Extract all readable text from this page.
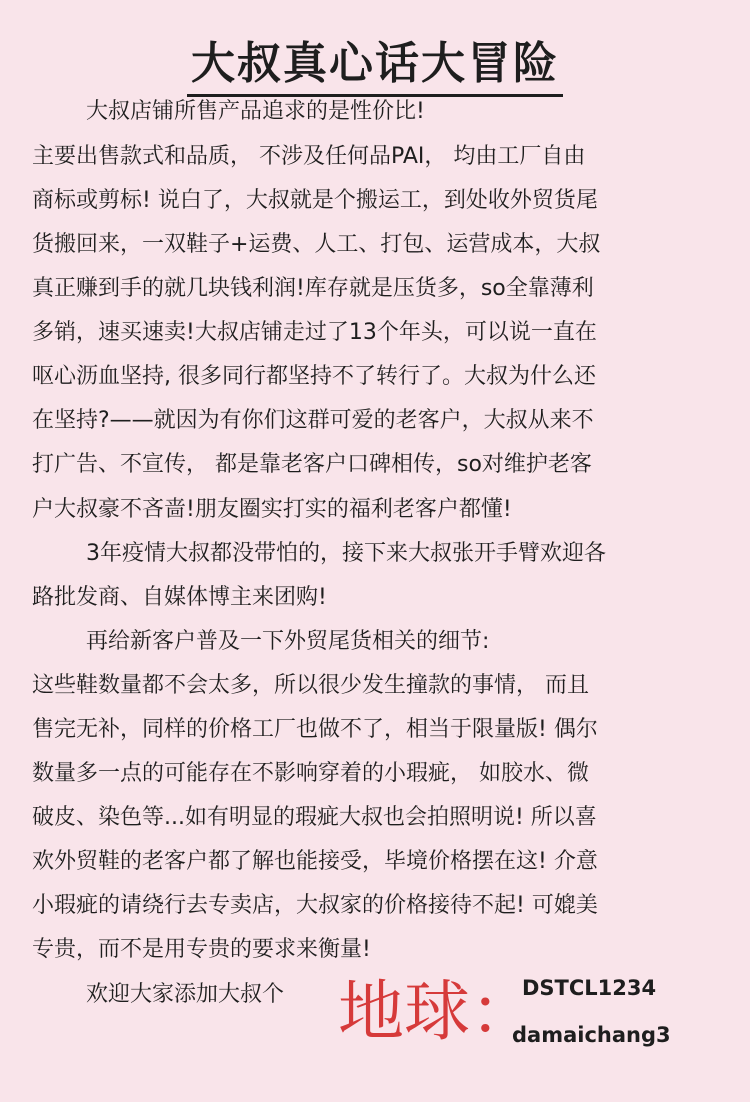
大叔真心话大冒险
大叔店铺所售产品追求的是性价比!
主要出售款式和品质， 不涉及任何品PAI， 均由工厂自由
商标或剪标! 说白了，大叔就是个搬运工，到处收外贸货尾
货搬回来，一双鞋子+运费、人工、打包、运营成本，大叔
真正赚到手的就几块钱利润!库存就是压货多，so全靠薄利
多销，速买速卖!大叔店铺走过了13个年头，可以说一直在
呕心沥血坚持, 很多同行都坚持不了转行了。大叔为什么还
在坚持?——就因为有你们这群可爱的老客户，大叔从来不
打广告、不宣传， 都是靠老客户口碑相传，so对维护老客
户大叔豪不吝啬!朋友圈实打实的福利老客户都懂!
3年疫情大叔都没带怕的，接下来大叔张开手臂欢迎各
路批发商、自媒体博主来团购!
再给新客户普及一下外贸尾货相关的细节:
这些鞋数量都不会太多，所以很少发生撞款的事情， 而且
售完无补，同样的价格工厂也做不了，相当于限量版! 偶尔
数量多一点的可能存在不影响穿着的小瑕疵， 如胶水、微
破皮、染色等...如有明显的瑕疵大叔也会拍照明说! 所以喜
欢外贸鞋的老客户都了解也能接受，毕境价格摆在这! 介意
小瑕疵的请绕行去专卖店，大叔家的价格接待不起! 可媲美
专贵，而不是用专贵的要求来衡量!
欢迎大家添加大叔个 地球：
DSTCL1234
damaichang3
